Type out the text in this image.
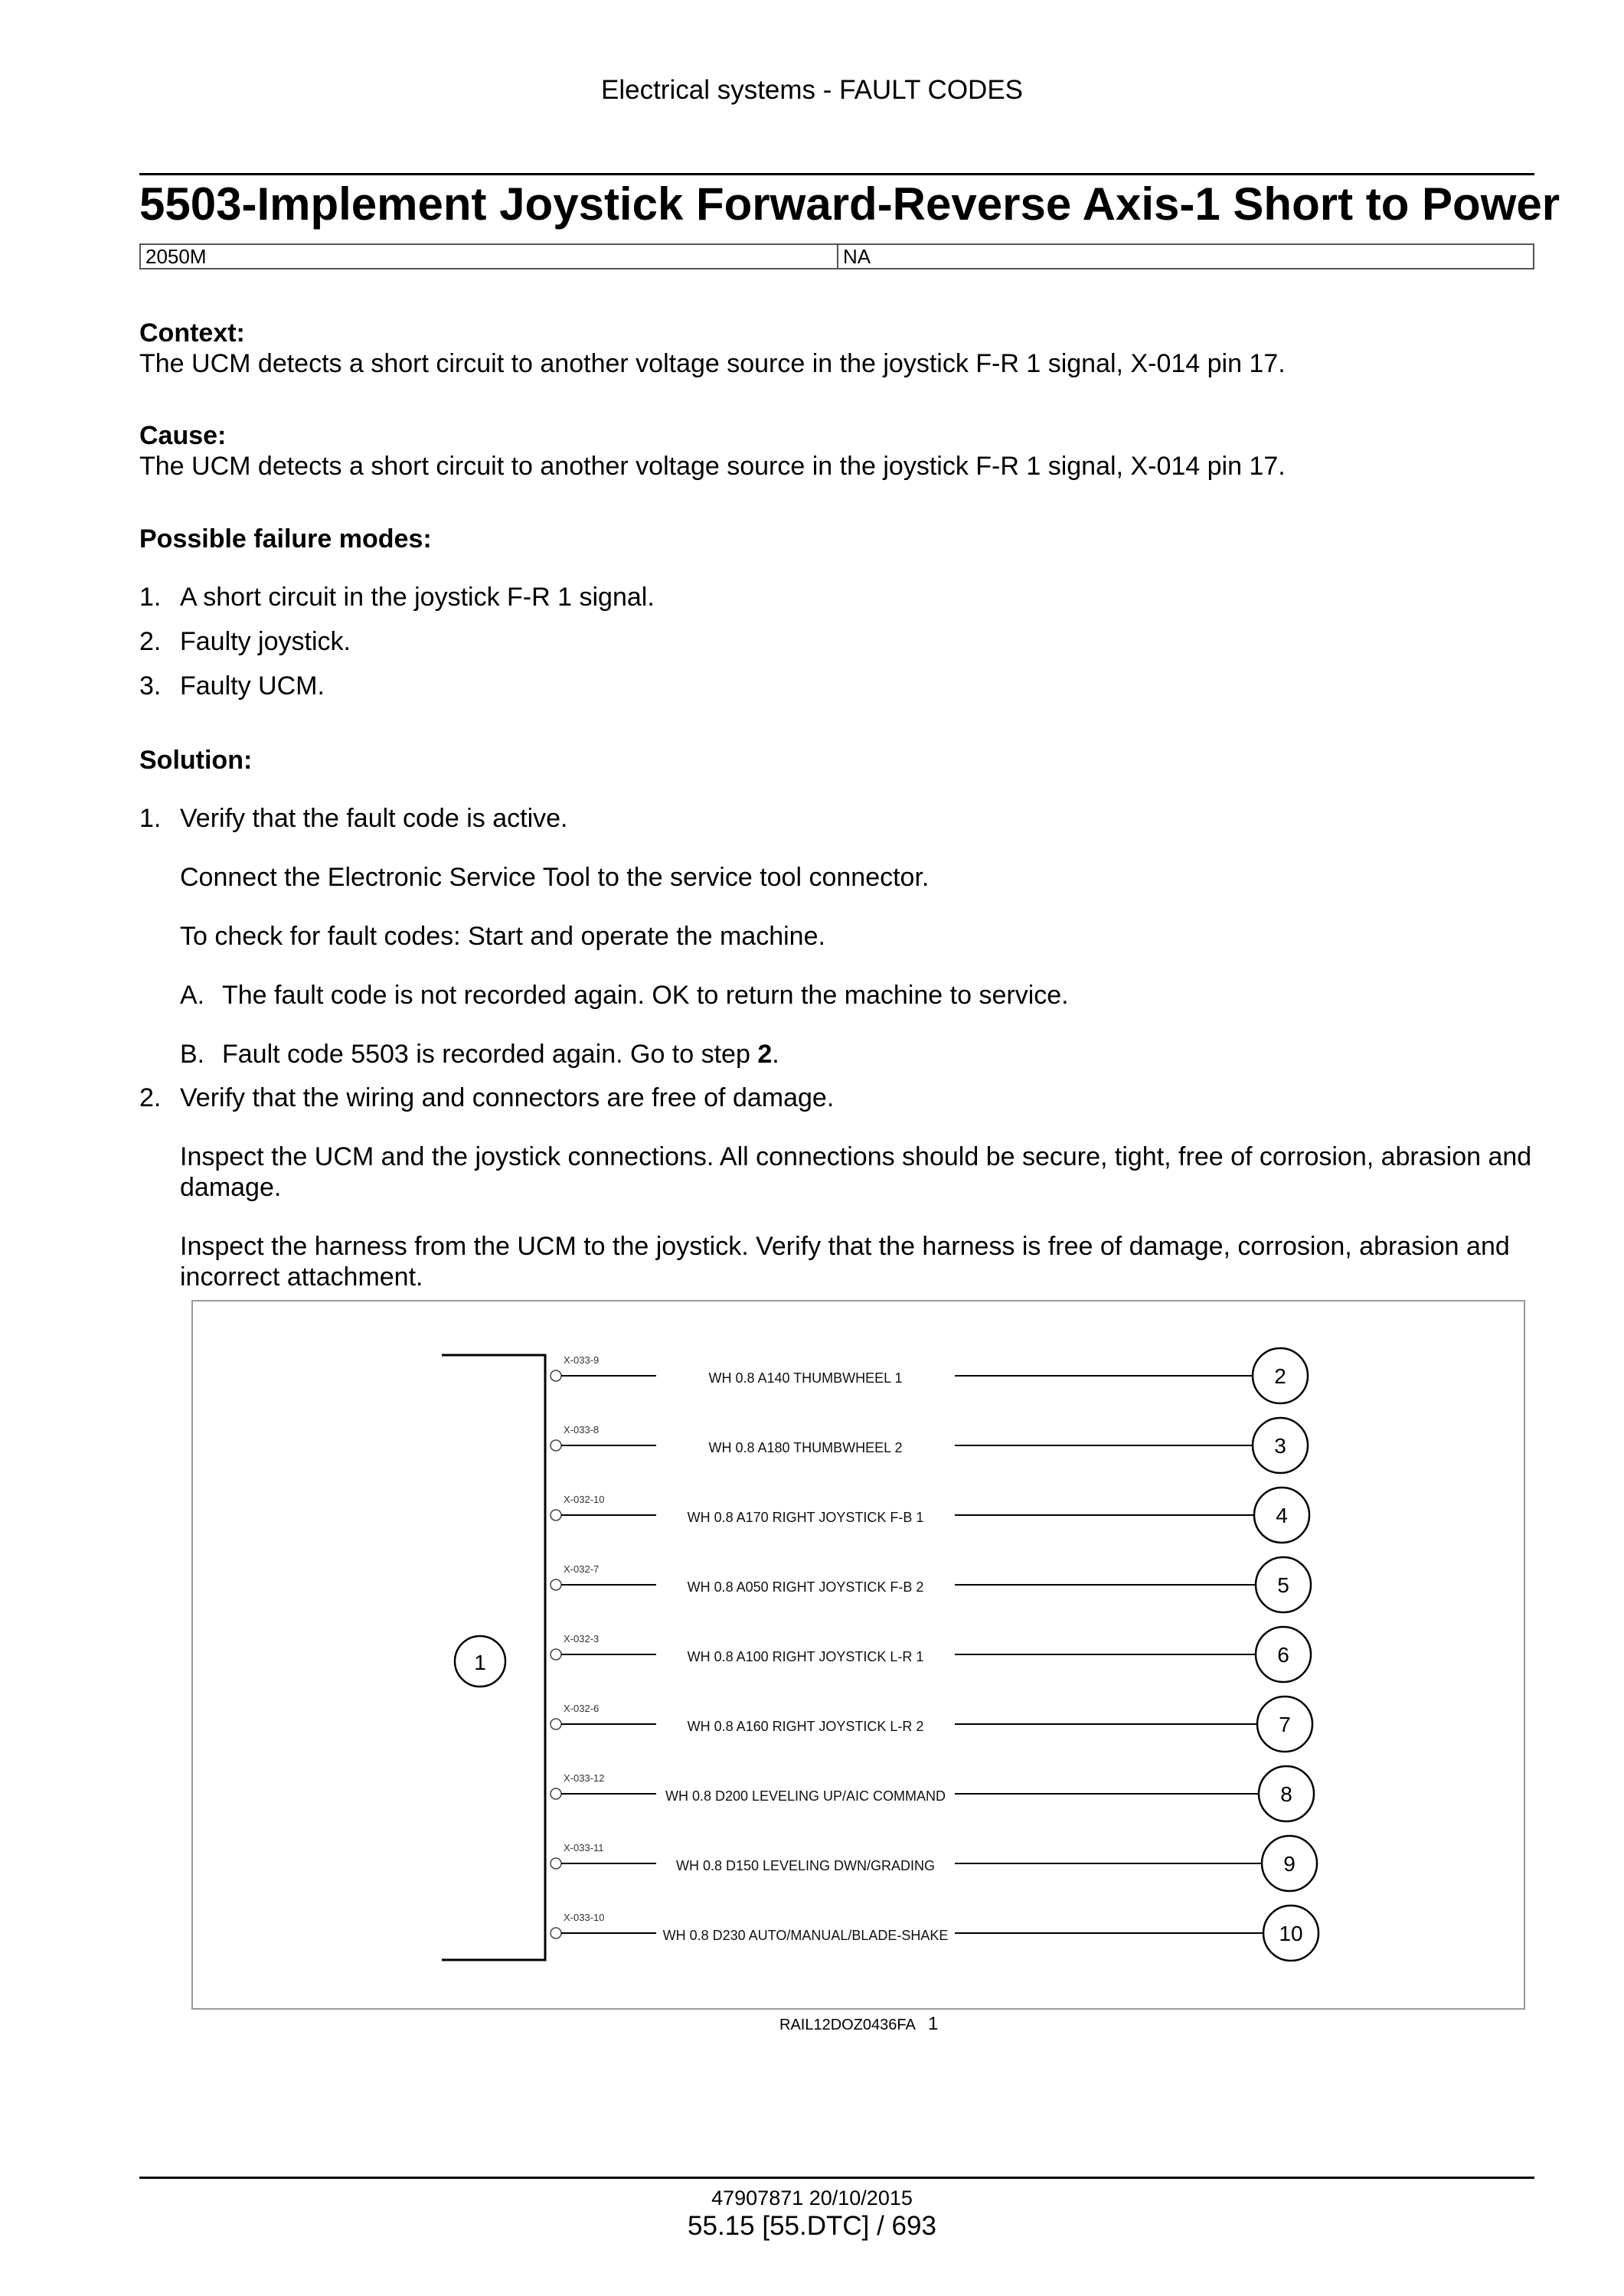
Electrical systems - FAULT CODES
5503-Implement Joystick Forward-Reverse Axis-1 Short to Power
2050M	NA
Context:
The UCM detects a short circuit to another voltage source in the joystick F-R 1 signal, X-014 pin 17.
Cause:
The UCM detects a short circuit to another voltage source in the joystick F-R 1 signal, X-014 pin 17.
Possible failure modes:
1. A short circuit in the joystick F-R 1 signal.
2. Faulty joystick.
3. Faulty UCM.
Solution:
1. Verify that the fault code is active.
Connect the Electronic Service Tool to the service tool connector.
To check for fault codes: Start and operate the machine.
A. The fault code is not recorded again. OK to return the machine to service.
B. Fault code 5503 is recorded again. Go to step 2.
2. Verify that the wiring and connectors are free of damage.
Inspect the UCM and the joystick connections. All connections should be secure, tight, free of corrosion, abrasion and damage.
Inspect the harness from the UCM to the joystick. Verify that the harness is free of damage, corrosion, abrasion and incorrect attachment.
1
X-033-9
WH 0.8 A140 THUMBWHEEL 1	2
X-033-8
WH 0.8 A180 THUMBWHEEL 2	3
X-032-10
WH 0.8 A170 RIGHT JOYSTICK F-B 1	4
X-032-7
WH 0.8 A050 RIGHT JOYSTICK F-B 2	5
X-032-3
WH 0.8 A100 RIGHT JOYSTICK L-R 1	6
X-032-6
WH 0.8 A160 RIGHT JOYSTICK L-R 2	7
X-033-12
WH 0.8 D200 LEVELING UP/AIC COMMAND	8
X-033-11
WH 0.8 D150 LEVELING DWN/GRADING	9
X-033-10
WH 0.8 D230 AUTO/MANUAL/BLADE-SHAKE	10
RAIL12DOZ0436FA 1
47907871 20/10/2015
55.15 [55.DTC] / 693
